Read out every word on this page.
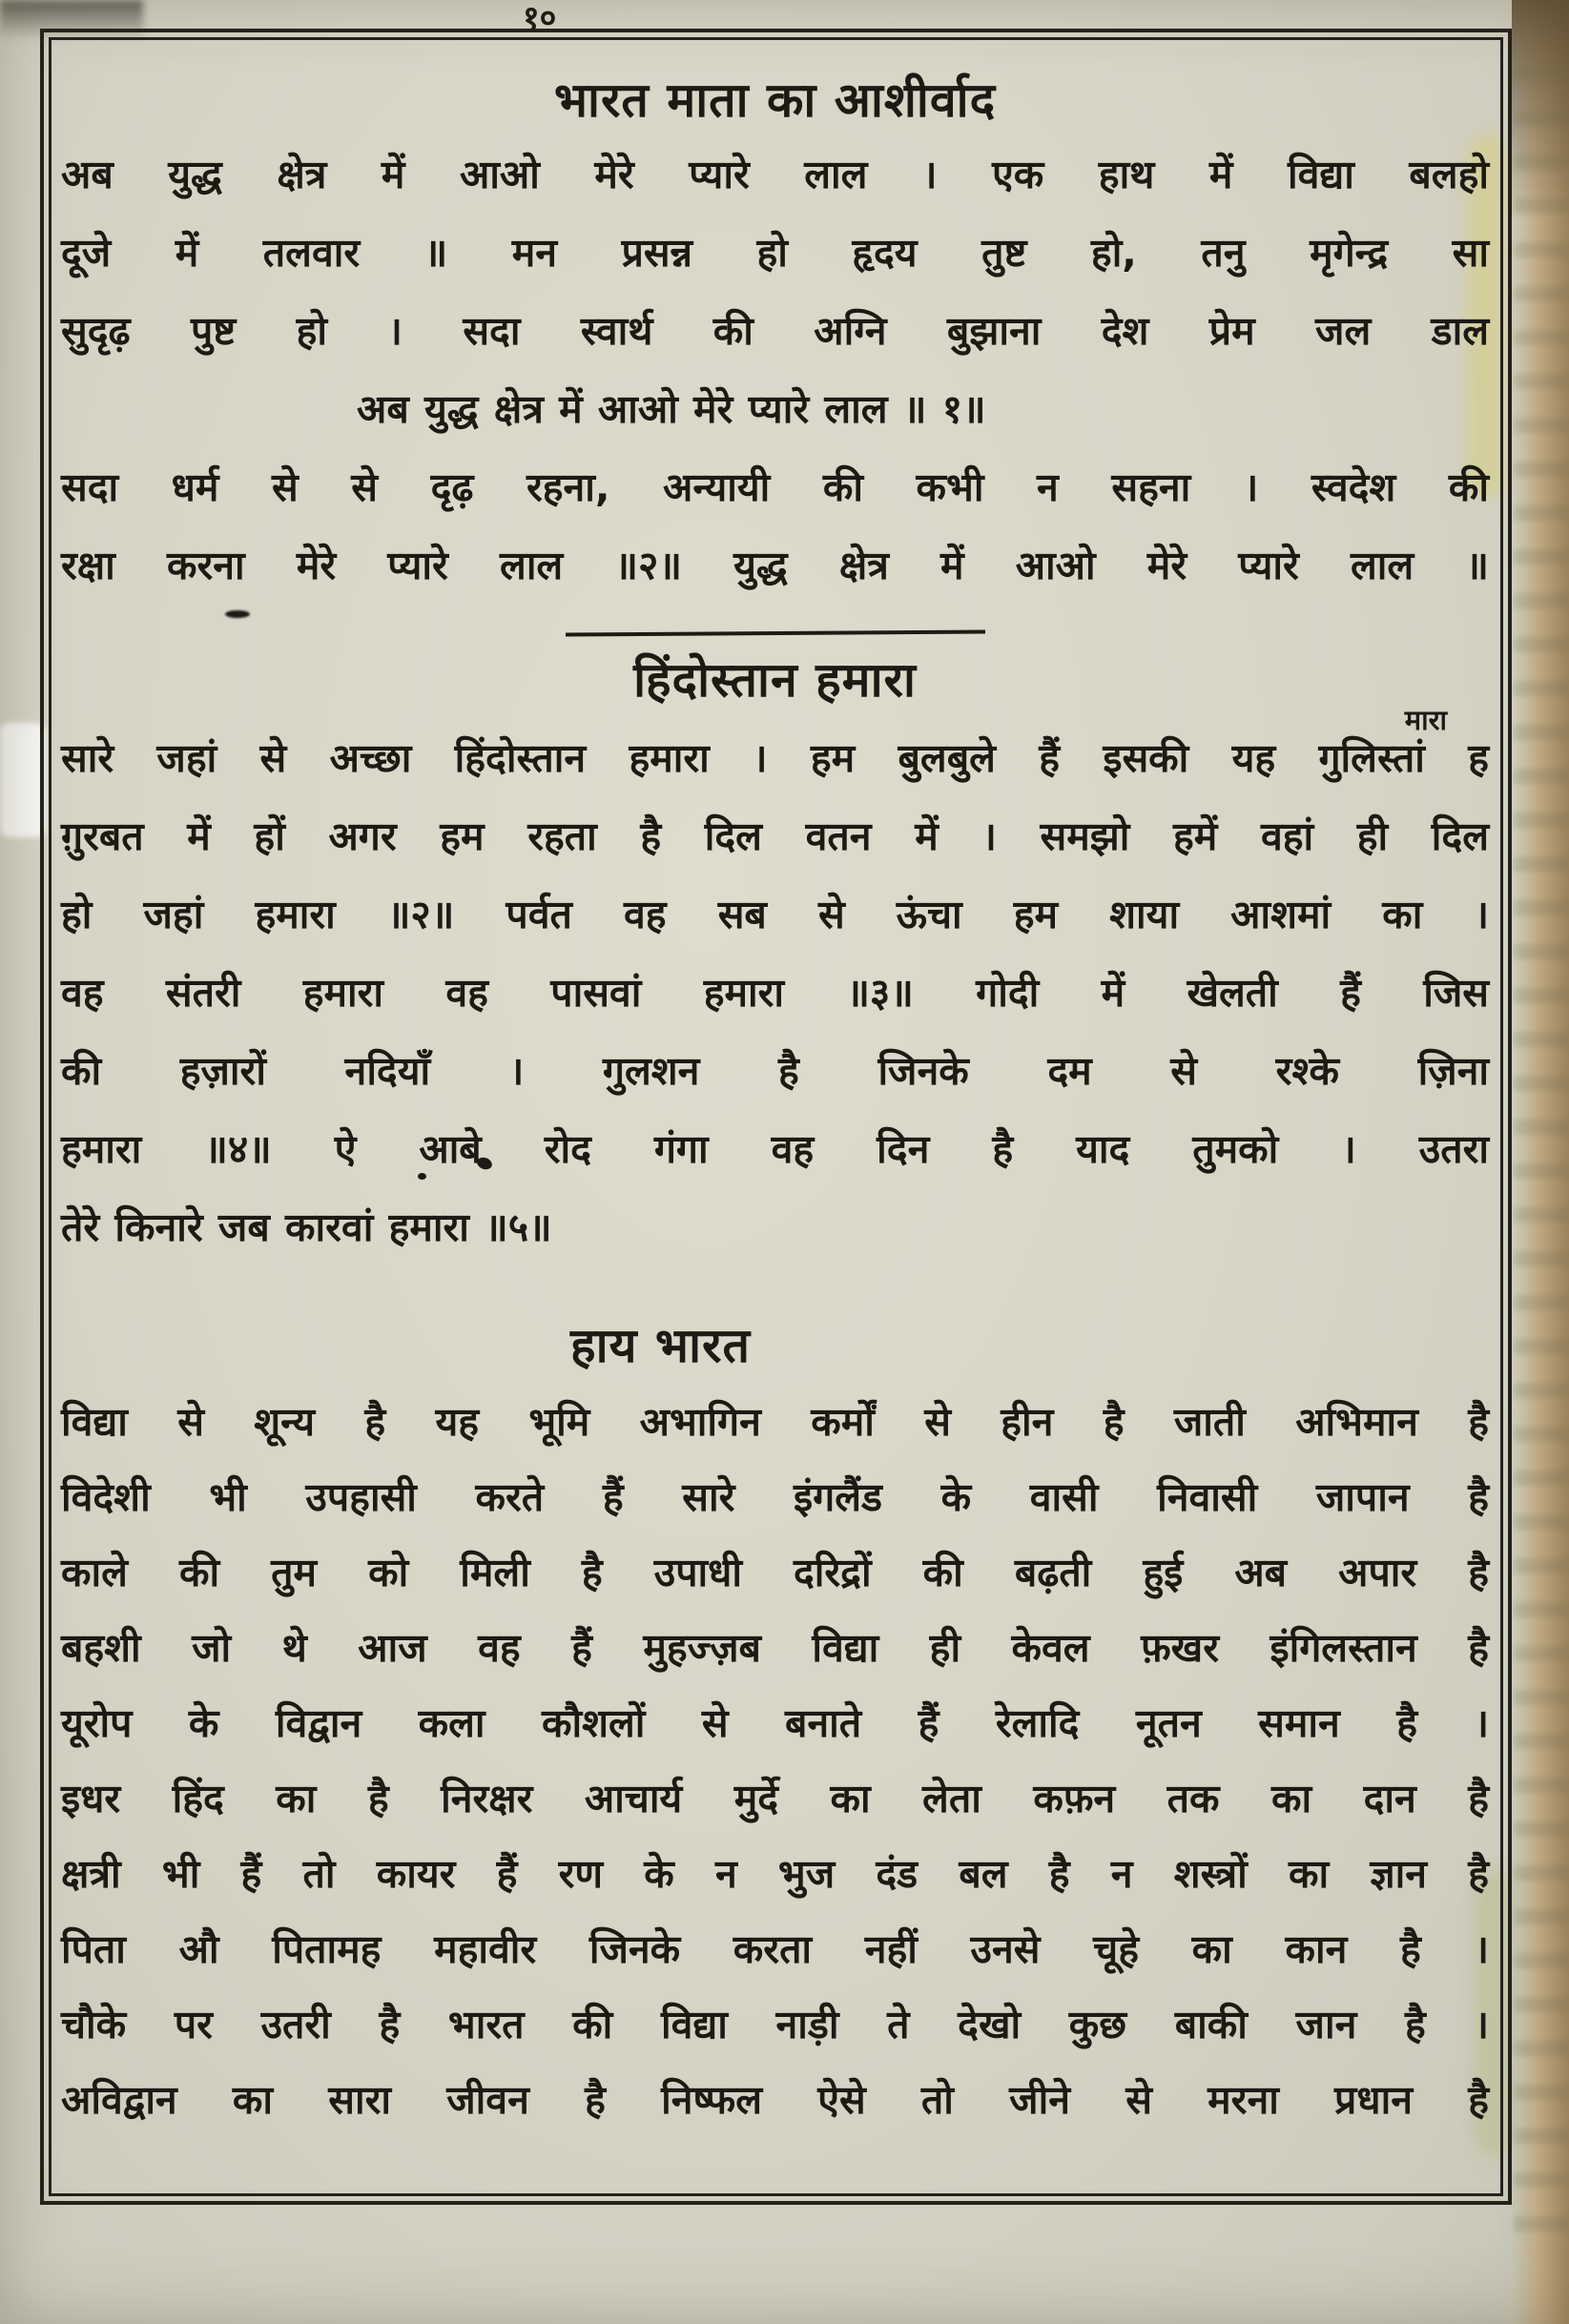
१०
भारत माता का आशीर्वाद
अब युद्ध क्षेत्र में आओ मेरे प्यारे लाल । एक हाथ में विद्या बलहो
दूजे में तलवार ॥ मन प्रसन्न हो हृदय तुष्ट हो, तनु मृगेन्द्र सा
सुदृढ़ पुष्ट हो । सदा स्वार्थ की अग्नि बुझाना देश प्रेम जल डाल
अब युद्ध क्षेत्र में आओ मेरे प्यारे लाल ॥ १॥
सदा धर्म से से दृढ़ रहना, अन्यायी की कभी न सहना । स्वदेश की
रक्षा करना मेरे प्यारे लाल ॥२॥ युद्ध क्षेत्र में आओ मेरे प्यारे लाल ॥
हिंदोस्तान हमारा
सारे जहां से अच्छा हिंदोस्तान हमारा । हम बुलबुले हैं इसकी यह गुलिस्तां ह
मारा
ग़ुरबत में हों अगर हम रहता है दिल वतन में । समझो हमें वहां ही दिल
हो जहां हमारा ॥२॥ पर्वत वह सब से ऊंचा हम शाया आशमां का ।
वह संतरी हमारा वह पासवां हमारा ॥३॥ गोदी में खेलती हैं जिस
की हज़ारों नदियाँ । गुलशन है जिनके दम से रश्के ज़िना
हमारा ॥४॥ ऐ आबे रोद गंगा वह दिन है याद तुमको । उतरा
तेरे किनारे जब कारवां हमारा ॥५॥
हाय भारत
विद्या से शून्य है यह भूमि अभागिन कर्मों से हीन है जाती अभिमान है
विदेशी भी उपहासी करते हैं सारे इंगलैंड के वासी निवासी जापान है
काले की तुम को मिली है उपाधी दरिद्रों की बढ़ती हुई अब अपार है
बहशी जो थे आज वह हैं मुहज्ज़ब विद्या ही केवल फ़खर इंगिलस्तान है
यूरोप के विद्वान कला कौशलों से बनाते हैं रेलादि नूतन समान है ।
इधर हिंद का है निरक्षर आचार्य मुर्दे का लेता कफ़न तक का दान है
क्षत्री भी हैं तो कायर हैं रण के न भुज दंड बल है न शस्त्रों का ज्ञान है
पिता औ पितामह महावीर जिनके करता नहीं उनसे चूहे का कान है ।
चौके पर उतरी है भारत की विद्या नाड़ी ते देखो कुछ बाकी जान है ।
अविद्वान का सारा जीवन है निष्फल ऐसे तो जीने से मरना प्रधान है
